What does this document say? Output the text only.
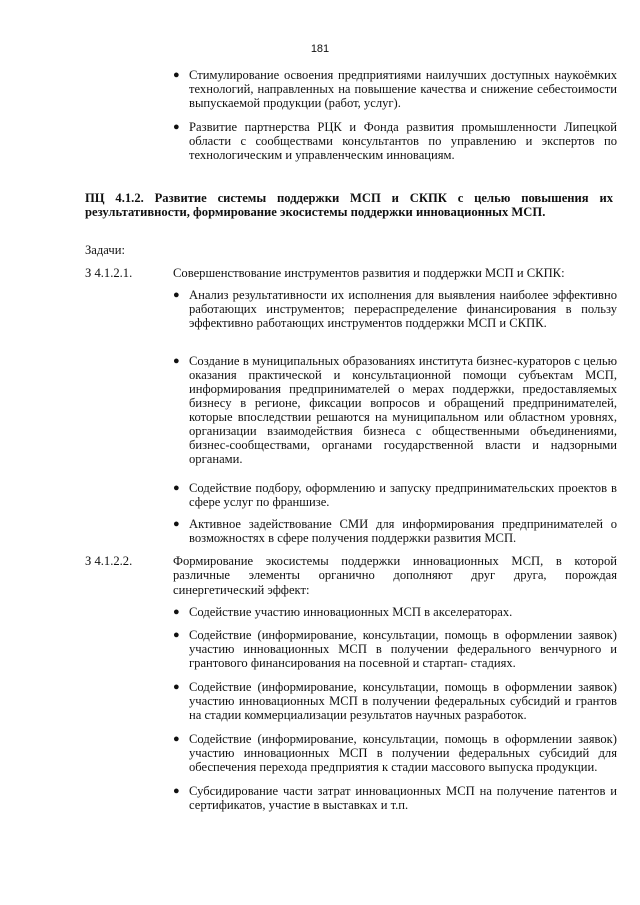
181
● Стимулирование освоения предприятиями наилучших доступных наукоёмких технологий, направленных на повышение качества и снижение себестоимости выпускаемой продукции (работ, услуг).
● Развитие партнерства РЦК и Фонда развития промышленности Липецкой области с сообществами консультантов по управлению и экспертов по технологическим и управленческим инновациям.
ПЦ 4.1.2. Развитие системы поддержки МСП и СКПК с целью повышения их результативности, формирование экосистемы поддержки инновационных МСП.
Задачи:
З 4.1.2.1.	Совершенствование инструментов развития и поддержки МСП и СКПК:
● Анализ результативности их исполнения для выявления наиболее эффективно работающих инструментов; перераспределение финансирования в пользу эффективно работающих инструментов поддержки МСП и СКПК.
● Создание в муниципальных образованиях института бизнес-кураторов с целью оказания практической и консультационной помощи субъектам МСП, информирования предпринимателей о мерах поддержки, предоставляемых бизнесу в регионе, фиксации вопросов и обращений предпринимателей, которые впоследствии решаются на муниципальном или областном уровнях, организации взаимодействия бизнеса с общественными объединениями, бизнес-сообществами, органами государственной власти и надзорными органами.
● Содействие подбору, оформлению и запуску предпринимательских проектов в сфере услуг по франшизе.
● Активное задействование СМИ для информирования предпринимателей о возможностях в сфере получения поддержки развития МСП.
З 4.1.2.2.	Формирование экосистемы поддержки инновационных МСП, в которой различные элементы органично дополняют друг друга, порождая синергетический эффект:
● Содействие участию инновационных МСП в акселераторах.
● Содействие (информирование, консультации, помощь в оформлении заявок) участию инновационных МСП в получении федерального венчурного и грантового финансирования на посевной и стартап- стадиях.
● Содействие (информирование, консультации, помощь в оформлении заявок) участию инновационных МСП в получении федеральных субсидий и грантов на стадии коммерциализации результатов научных разработок.
● Содействие (информирование, консультации, помощь в оформлении заявок) участию инновационных МСП в получении федеральных субсидий для обеспечения перехода предприятия к стадии массового выпуска продукции.
● Субсидирование части затрат инновационных МСП на получение патентов и сертификатов, участие в выставках и т.п.
